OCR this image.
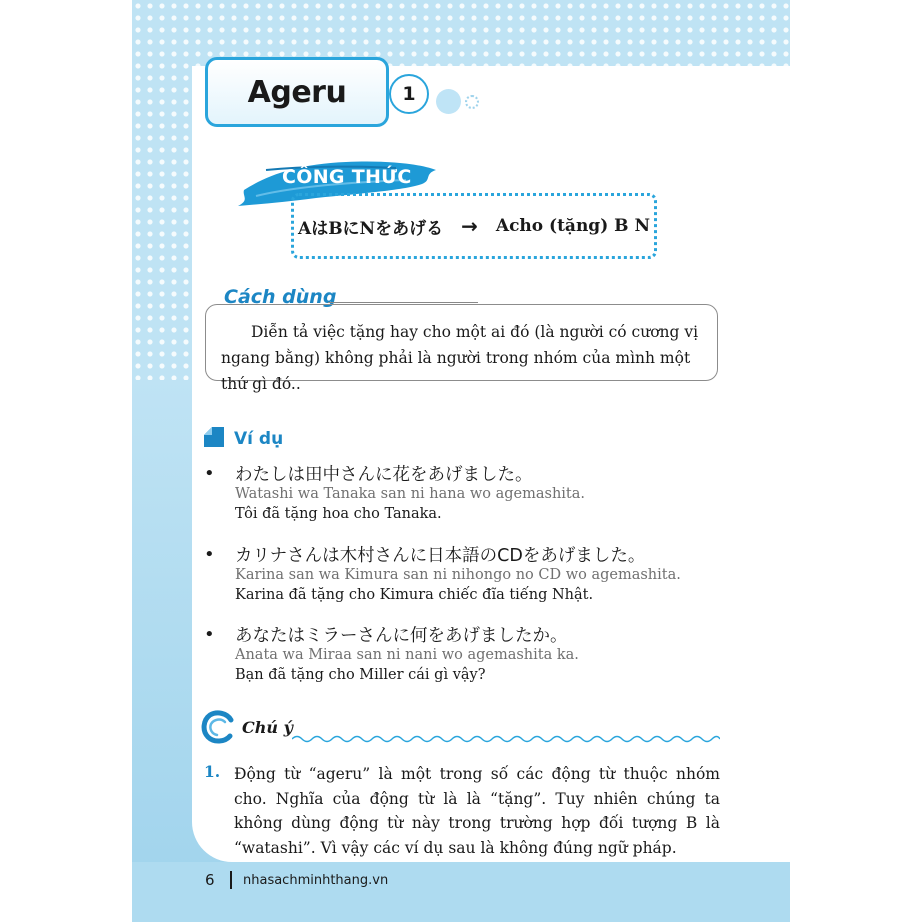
Ageru	1
CÔNG THỨC
AはBにNをあげる → Acho (tặng) B N
Cách dùng
Diễn tả việc tặng hay cho một ai đó (là người có cương vị ngang bằng) không phải là người trong nhóm của mình một thứ gì đó..
Ví dụ
• わたしは田中さんに花をあげました。
Watashi wa Tanaka san ni hana wo agemashita.
Tôi đã tặng hoa cho Tanaka.
• カリナさんは木村さんに日本語のCDをあげました。
Karina san wa Kimura san ni nihongo no CD wo agemashita.
Karina đã tặng cho Kimura chiếc đĩa tiếng Nhật.
• あなたはミラーさんに何をあげましたか。
Anata wa Miraa san ni nani wo agemashita ka.
Bạn đã tặng cho Miller cái gì vậy?
Chú ý
1. Động từ “ageru” là một trong số các động từ thuộc nhóm cho. Nghĩa của động từ là là “tặng”. Tuy nhiên chúng ta không dùng động từ này trong trường hợp đối tượng B là “watashi”. Vì vậy các ví dụ sau là không đúng ngữ pháp.
6 nhasachminhthang.vn
